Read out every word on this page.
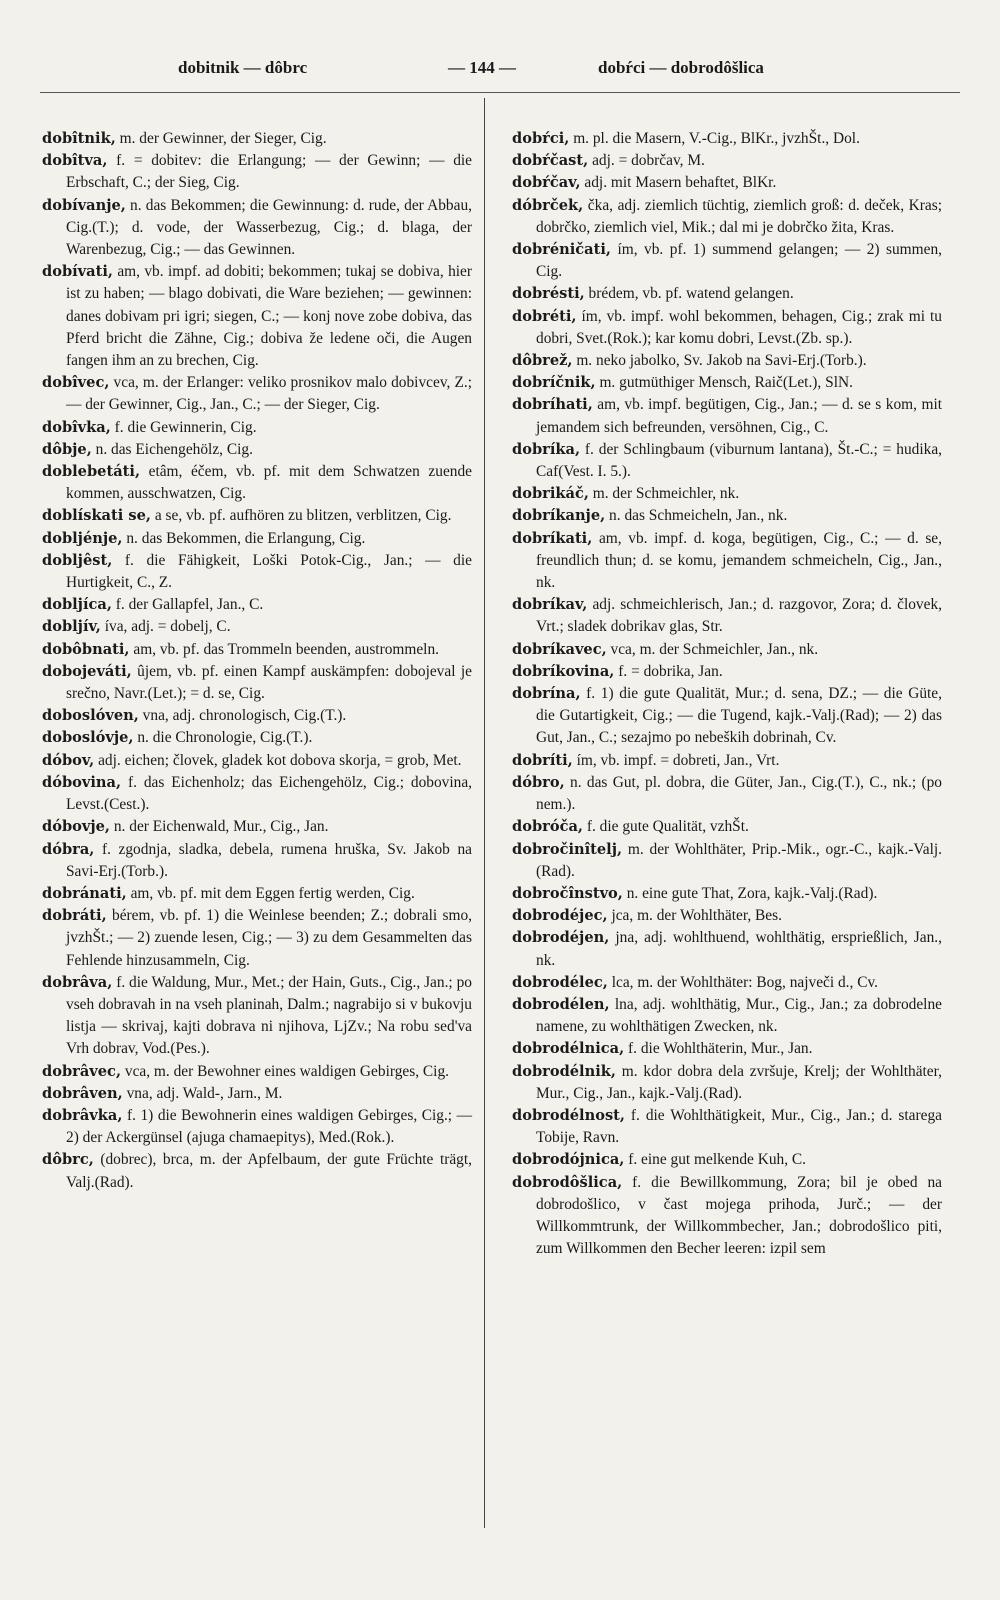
dobitnik — dôbrc	— 144 —	dobŕci — dobrodôšlica

dobîtnik, m. der Gewinner, der Sieger, Cig.

dobîtva, f. = dobitev: die Erlangung; — der Gewinn; — die Erbschaft, C.; der Sieg, Cig.

dobívanje, n. das Bekommen; die Gewinnung: d. rude, der Abbau, Cig.(T.); d. vode, der Wasserbezug, Cig.; d. blaga, der Warenbezug, Cig.; — das Gewinnen.

dobívati, am, vb. impf. ad dobiti; bekommen; tukaj se dobiva, hier ist zu haben; — blago dobivati, die Ware beziehen; — gewinnen: danes dobivam pri igri; siegen, C.; — konj nove zobe dobiva, das Pferd bricht die Zähne, Cig.; dobiva že ledene oči, die Augen fangen ihm an zu brechen, Cig.

dobîvec, vca, m. der Erlanger: veliko prosnikov malo dobivcev, Z.; — der Gewinner, Cig., Jan., C.; — der Sieger, Cig.

dobîvka, f. die Gewinnerin, Cig.

dôbje, n. das Eichengehölz, Cig.

doblebetáti, etâm, éčem, vb. pf. mit dem Schwatzen zuende kommen, ausschwatzen, Cig.

doblískati se, a se, vb. pf. aufhören zu blitzen, verblitzen, Cig.

dobljénje, n. das Bekommen, die Erlangung, Cig.

dobljêst, f. die Fähigkeit, Loški Potok-Cig., Jan.; — die Hurtigkeit, C., Z.

dobljíca, f. der Gallapfel, Jan., C.

dobljív, íva, adj. = dobelj, C.

dobôbnati, am, vb. pf. das Trommeln beenden, austrommeln.

dobojeváti, ûjem, vb. pf. einen Kampf auskämpfen: dobojeval je srečno, Navr.(Let.); = d. se, Cig.

doboslóven, vna, adj. chronologisch, Cig.(T.).

doboslóvje, n. die Chronologie, Cig.(T.).

dóbov, adj. eichen; človek, gladek kot dobova skorja, = grob, Met.

dóbovina, f. das Eichenholz; das Eichengehölz, Cig.; dobovina, Levst.(Cest.).

dóbovje, n. der Eichenwald, Mur., Cig., Jan.

dóbra, f. zgodnja, sladka, debela, rumena hruška, Sv. Jakob na Savi-Erj.(Torb.).

dobránati, am, vb. pf. mit dem Eggen fertig werden, Cig.

dobráti, bérem, vb. pf. 1) die Weinlese beenden; Z.; dobrali smo, jvzhŠt.; — 2) zuende lesen, Cig.; — 3) zu dem Gesammelten das Fehlende hinzusammeln, Cig.

dobrâva, f. die Waldung, Mur., Met.; der Hain, Guts., Cig., Jan.; po vseh dobravah in na vseh planinah, Dalm.; nagrabijo si v bukovju listja — skrivaj, kajti dobrava ni njihova, LjZv.; Na robu sed'va Vrh dobrav, Vod.(Pes.).

dobrâvec, vca, m. der Bewohner eines waldigen Gebirges, Cig.

dobrâven, vna, adj. Wald-, Jarn., M.

dobrâvka, f. 1) die Bewohnerin eines waldigen Gebirges, Cig.; — 2) der Ackergünsel (ajuga chamaepitys), Med.(Rok.).

dôbrc, (dobrec), brca, m. der Apfelbaum, der gute Früchte trägt, Valj.(Rad).

dobŕci, m. pl. die Masern, V.-Cig., BlKr., jvzhŠt., Dol.

dobŕčast, adj. = dobrčav, M.

dobŕčav, adj. mit Masern behaftet, BlKr.

dóbrček, čka, adj. ziemlich tüchtig, ziemlich groß: d. deček, Kras; dobrčko, ziemlich viel, Mik.; dal mi je dobrčko žita, Kras.

dobréničati, ím, vb. pf. 1) summend gelangen; — 2) summen, Cig.

dobrésti, brédem, vb. pf. watend gelangen.

dobréti, ím, vb. impf. wohl bekommen, behagen, Cig.; zrak mi tu dobri, Svet.(Rok.); kar komu dobri, Levst.(Zb. sp.).

dôbrež, m. neko jabolko, Sv. Jakob na Savi-Erj.(Torb.).

dobríčnik, m. gutmüthiger Mensch, Raič(Let.), SlN.

dobríhati, am, vb. impf. begütigen, Cig., Jan.; — d. se s kom, mit jemandem sich befreunden, versöhnen, Cig., C.

dobríka, f. der Schlingbaum (viburnum lantana), Št.-C.; = hudika, Caf(Vest. I. 5.).

dobrikáč, m. der Schmeichler, nk.

dobríkanje, n. das Schmeicheln, Jan., nk.

dobríkati, am, vb. impf. d. koga, begütigen, Cig., C.; — d. se, freundlich thun; d. se komu, jemandem schmeicheln, Cig., Jan., nk.

dobríkav, adj. schmeichlerisch, Jan.; d. razgovor, Zora; d. človek, Vrt.; sladek dobrikav glas, Str.

dobríkavec, vca, m. der Schmeichler, Jan., nk.

dobríkovina, f. = dobrika, Jan.

dobrína, f. 1) die gute Qualität, Mur.; d. sena, DZ.; — die Güte, die Gutartigkeit, Cig.; — die Tugend, kajk.-Valj.(Rad); — 2) das Gut, Jan., C.; sezajmo po nebeških dobrinah, Cv.

dobríti, ím, vb. impf. = dobreti, Jan., Vrt.

dóbro, n. das Gut, pl. dobra, die Güter, Jan., Cig.(T.), C., nk.; (po nem.).

dobróča, f. die gute Qualität, vzhŠt.

dobročinîtelj, m. der Wohlthäter, Prip.-Mik., ogr.-C., kajk.-Valj.(Rad).

dobročînstvo, n. eine gute That, Zora, kajk.-Valj.(Rad).

dobrodéjec, jca, m. der Wohlthäter, Bes.

dobrodéjen, jna, adj. wohlthuend, wohlthätig, ersprießlich, Jan., nk.

dobrodélec, lca, m. der Wohlthäter: Bog, največi d., Cv.

dobrodélen, lna, adj. wohlthätig, Mur., Cig., Jan.; za dobrodelne namene, zu wohlthätigen Zwecken, nk.

dobrodélnica, f. die Wohlthäterin, Mur., Jan.

dobrodélnik, m. kdor dobra dela zvršuje, Krelj; der Wohlthäter, Mur., Cig., Jan., kajk.-Valj.(Rad).

dobrodélnost, f. die Wohlthätigkeit, Mur., Cig., Jan.; d. starega Tobije, Ravn.

dobrodójnica, f. eine gut melkende Kuh, C.

dobrodôšlica, f. die Bewillkommung, Zora; bil je obed na dobrodošlico, v čast mojega prihoda, Jurč.; — der Willkommtrunk, der Willkommbecher, Jan.; dobrodošlico piti, zum Willkommen den Becher leeren: izpil sem
